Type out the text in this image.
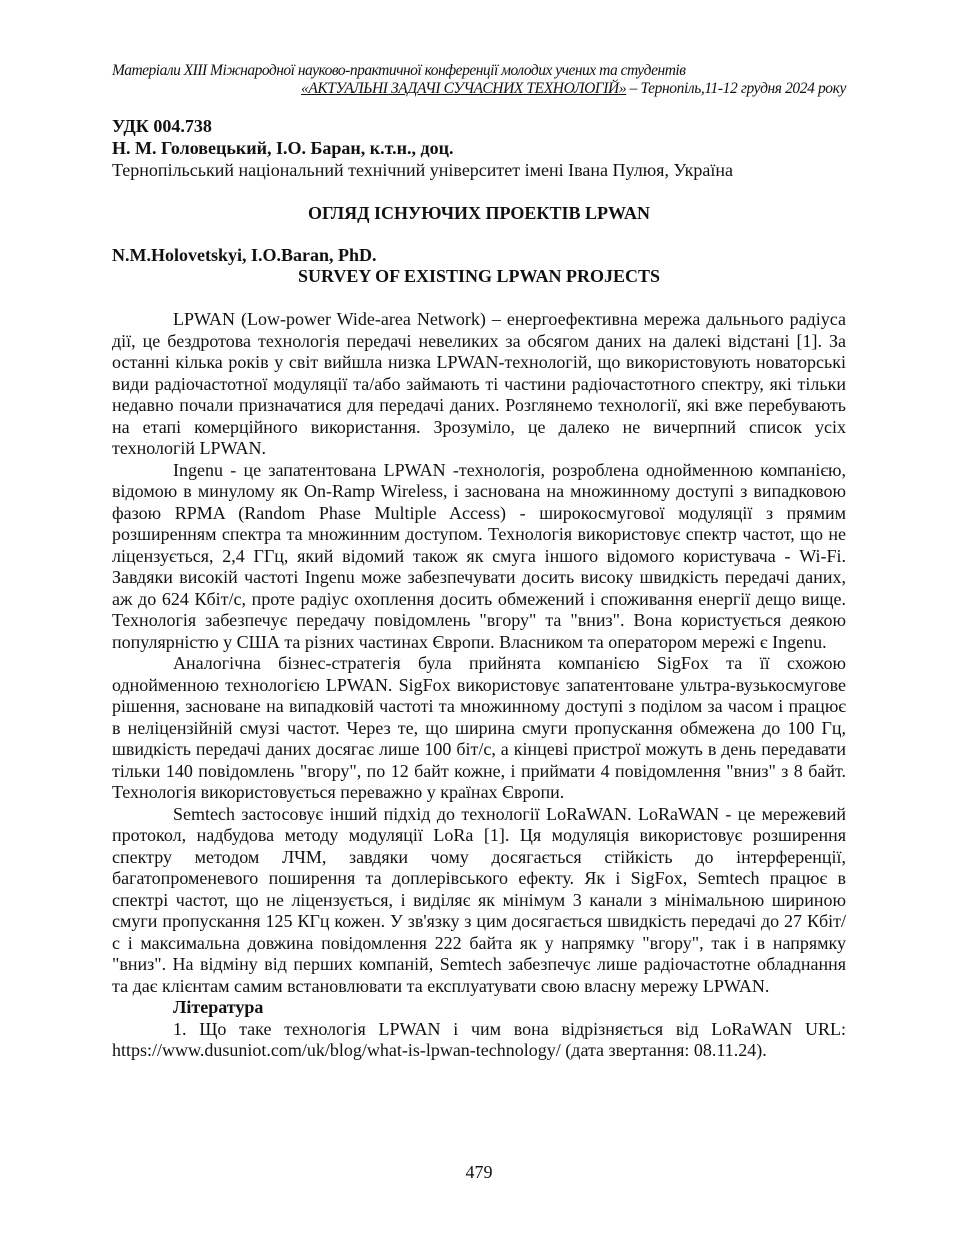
Матеріали XIII Міжнародної науково-практичної конференції молодих учених та студентів
«АКТУАЛЬНІ ЗАДАЧІ СУЧАСНИХ ТЕХНОЛОГІЙ» – Тернопіль,11-12 грудня 2024 року
УДК 004.738
Н. М. Головецький, І.О. Баран, к.т.н., доц.
Тернопільський національний технічний університет імені Івана Пулюя, Україна
ОГЛЯД ІСНУЮЧИХ ПРОЕКТІВ LPWAN
N.M.Holovetskyi, I.O.Baran, PhD.
SURVEY OF EXISTING LPWAN PROJECTS

LPWAN (Low-power Wide-area Network) – енергоефективна мережа дальнього радіуса дії, це бездротова технологія передачі невеликих за обсягом даних на далекі відстані [1]. За останні кілька років у світ вийшла низка LPWAN-технологій, що використовують новаторські види радіочастотної модуляції та/або займають ті частини радіочастотного спектру, які тільки недавно почали призначатися для передачі даних. Розглянемо технології, які вже перебувають на етапі комерційного використання. Зрозуміло, це далеко не вичерпний список усіх технологій LPWAN.

Ingenu - це запатентована LPWAN -технологія, розроблена однойменною компанією, відомою в минулому як On-Ramp Wireless, і заснована на множинному доступі з випадковою фазою RPMA (Random Phase Multiple Access) - широкосмугової модуляції з прямим розширенням спектра та множинним доступом. Технологія використовує спектр частот, що не ліцензується, 2,4 ГГц, який відомий також як смуга іншого відомого користувача - Wi-Fi. Завдяки високій частоті Ingenu може забезпечувати досить високу швидкість передачі даних, аж до 624 Кбіт/с, проте радіус охоплення досить обмежений і споживання енергії дещо вище. Технологія забезпечує передачу повідомлень "вгору" та "вниз". Вона користується деякою популярністю у США та різних частинах Європи. Власником та оператором мережі є Ingenu.

Аналогічна бізнес-стратегія була прийнята компанією SigFox та її схожою однойменною технологією LPWAN. SigFox використовує запатентоване ультра-вузькосмугове рішення, засноване на випадковій частоті та множинному доступі з поділом за часом і працює в неліцензійній смузі частот. Через те, що ширина смуги пропускання обмежена до 100 Гц, швидкість передачі даних досягає лише 100 біт/с, а кінцеві пристрої можуть в день передавати тільки 140 повідомлень "вгору", по 12 байт кожне, і приймати 4 повідомлення "вниз" з 8 байт. Технологія використовується переважно у країнах Європи.

Semtech застосовує інший підхід до технології LoRaWAN. LoRaWAN - це мережевий протокол, надбудова методу модуляції LoRa [1]. Ця модуляція використовує розширення спектру методом ЛЧМ, завдяки чому досягається стійкість до інтерференції, багатопроменевого поширення та доплерівського ефекту. Як і SigFox, Semtech працює в спектрі частот, що не ліцензується, і виділяє як мінімум 3 канали з мінімальною шириною смуги пропускання 125 КГц кожен. У зв'язку з цим досягається швидкість передачі до 27 Кбіт/с і максимальна довжина повідомлення 222 байта як у напрямку "вгору", так і в напрямку "вниз". На відміну від перших компаній, Semtech забезпечує лише радіочастотне обладнання та дає клієнтам самим встановлювати та експлуатувати свою власну мережу LPWAN.

Література

1. Що таке технологія LPWAN і чим вона відрізняється від LoRaWAN URL: https://www.dusuniot.com/uk/blog/what-is-lpwan-technology/ (дата звертання: 08.11.24).

479
